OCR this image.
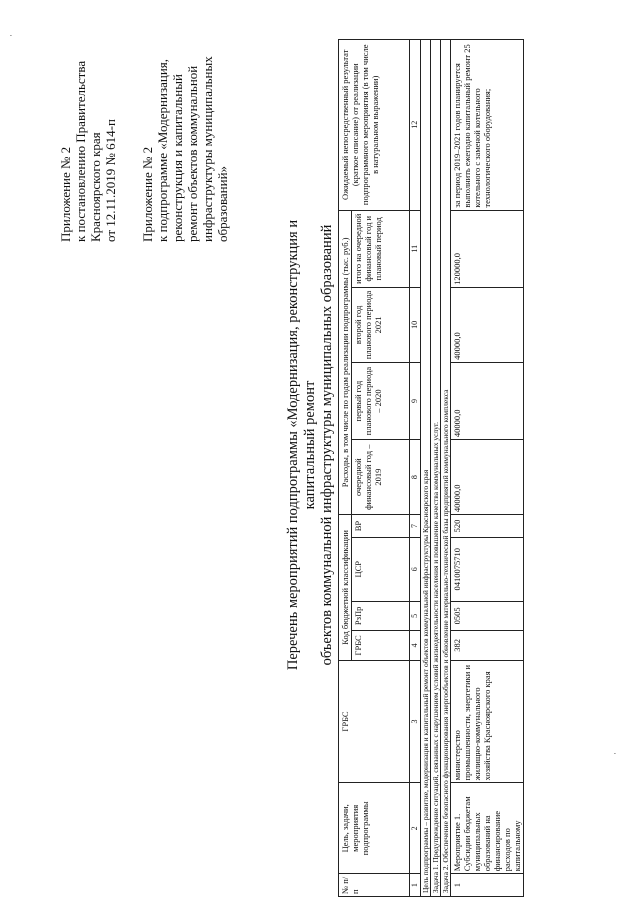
Приложение № 2 к постановлению Правительства Красноярского края от 12.11.2019 № 614-п Приложение № 2 к подпрограмме «Модернизация, реконструкция и капитальный ремонт объектов коммунальной инфраструктуры муниципальных образований»
Перечень мероприятий подпрограммы «Модернизация, реконструкция и капитальный ремонт объектов коммунальной инфраструктуры муниципальных образований
№ п/п	Цель, задачи, мероприятия подпрограммы	ГРБС	Код бюджетной классификации				Расходы, в том числе по годам реализации подпрограммы (тыс. руб.)				Ожидаемый непосредственный результат (краткое описание) от реализации подпрограммного мероприятия (в том числе в натуральном выражении)
			ГРБС	РзПр	ЦСР	ВР	очередной финансовый год – 2019	первый год планового периода – 2020	второй год планового периода 2021	итого на очередной финансовый год и плановый период	
1	2	3	4	5	6	7	8	9	10	11	12
Цель подпрограммы – развитие, модернизация и капитальный ремонт объектов коммунальной инфраструктуры Красноярского края											
Задача 1. Предупреждение ситуаций, связанных с нарушением условий жизнедеятельности населения и повышение качества коммунальных услуг.											
Задача 2. Обеспечение безопасного функционирования энергообъектов и обновление материально-технической базы предприятий коммунального комплекса											
1	Мероприятие 1. Субсидии бюджетам муниципальных образований на финансирование расходов по капитальному	министерство промышленности, энергетики и жилищно-коммунального хозяйства Красноярского края	382	0505	0410075710	520	40000,0	40000,0	40000,0	120000,0	за период 2019–2021 годов планируется выполнить ежегодно капитальный ремонт 25 котельного с заменой котельного технологического оборудования;
·
·
